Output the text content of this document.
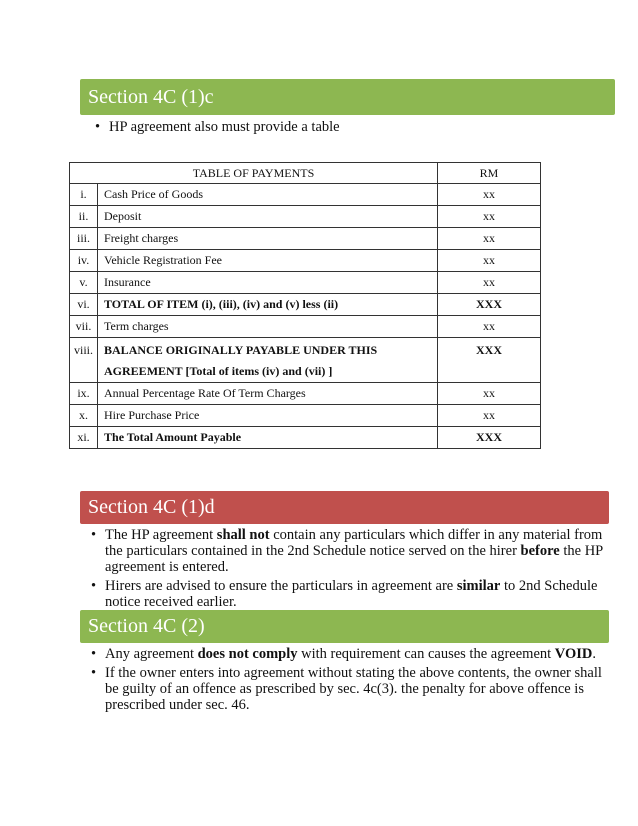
Section 4C (1)c
• HP agreement also must provide a table
TABLE OF PAYMENTS		RM
i.	Cash Price of Goods	xx
ii.	Deposit	xx
iii.	Freight charges	xx
iv.	Vehicle Registration Fee	xx
v.	Insurance	xx
vi.	TOTAL OF ITEM (i), (iii), (iv) and (v) less (ii)	XXX
vii.	Term charges	xx
viii.	BALANCE ORIGINALLY PAYABLE UNDER THIS AGREEMENT [Total of items (iv) and (vii) ]	XXX
ix.	Annual Percentage Rate Of Term Charges	xx
x.	Hire Purchase Price	xx
xi.	The Total Amount Payable	XXX
Section 4C (1)d
• The HP agreement shall not contain any particulars which differ in any material from the particulars contained in the 2nd Schedule notice served on the hirer before the HP agreement is entered.
• Hirers are advised to ensure the particulars in agreement are similar to 2nd Schedule notice received earlier.
Section 4C (2)
• Any agreement does not comply with requirement can causes the agreement VOID.
• If the owner enters into agreement without stating the above contents, the owner shall be guilty of an offence as prescribed by sec. 4c(3). the penalty for above offence is prescribed under sec. 46.
